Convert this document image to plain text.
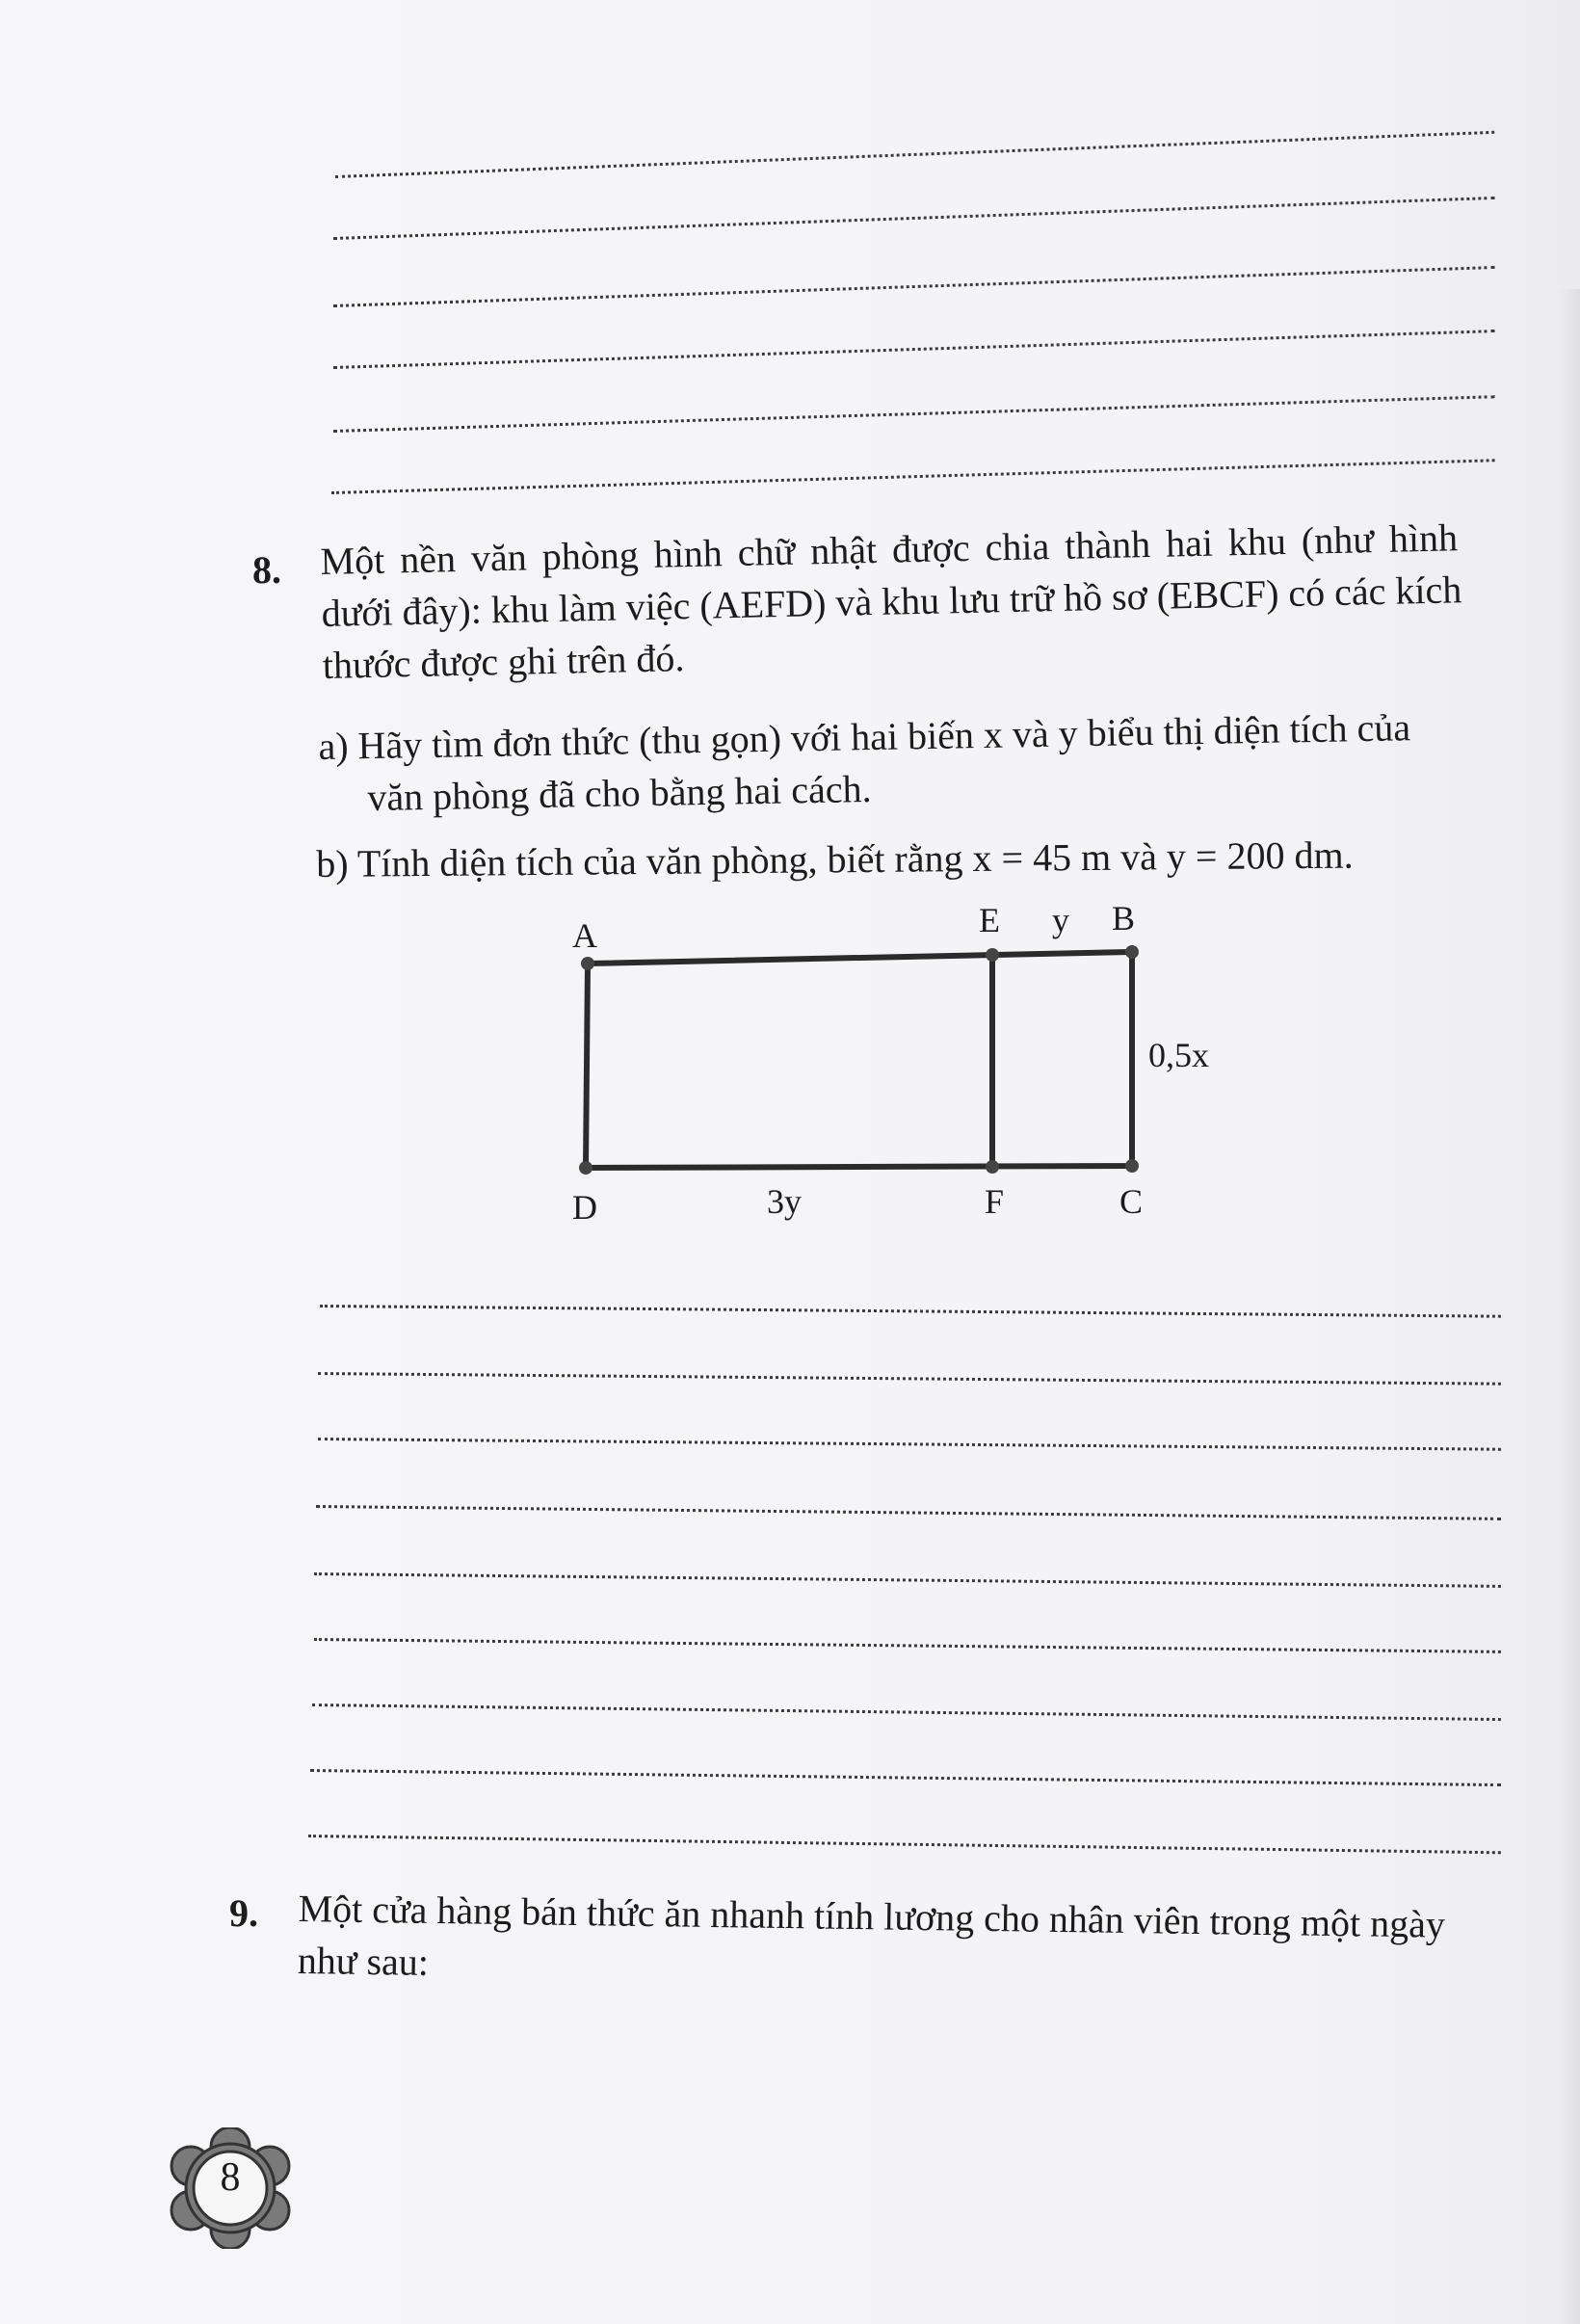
8. Một nền văn phòng hình chữ nhật được chia thành hai khu (như hình
dưới đây): khu làm việc (AEFD) và khu lưu trữ hồ sơ (EBCF) có các kích
thước được ghi trên đó.
a) Hãy tìm đơn thức (thu gọn) với hai biến x và y biểu thị diện tích của
văn phòng đã cho bằng hai cách.
b) Tính diện tích của văn phòng, biết rằng x = 45 m và y = 200 dm.
A	E y B
0,5x
D	3y	F	C
9. Một cửa hàng bán thức ăn nhanh tính lương cho nhân viên trong một ngày
như sau:
8
